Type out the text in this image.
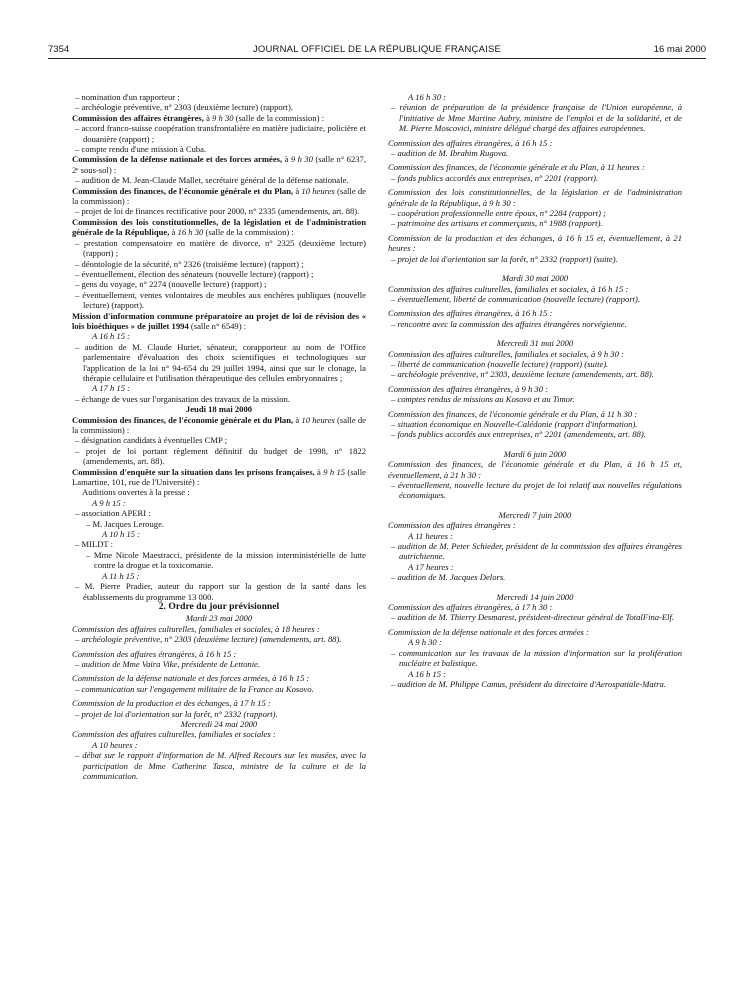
7354	JOURNAL OFFICIEL DE LA RÉPUBLIQUE FRANÇAISE	16 mai 2000

– nomination d'un rapporteur ;

– archéologie préventive, n° 2303 (deuxième lecture) (rapport).

Commission des affaires étrangères, à 9 h 30 (salle de la commission) :

– accord franco-suisse coopération transfrontalière en matière judiciaire, policière et douanière (rapport) ;

– compte rendu d'une mission à Cuba.

Commission de la défense nationale et des forces armées, à 9 h 30 (salle n° 6237, 2ᵉ sous-sol) :

– audition de M. Jean-Claude Mallet, secrétaire général de la défense nationale.

Commission des finances, de l'économie générale et du Plan, à 10 heures (salle de la commission) :

– projet de loi de finances rectificative pour 2000, n° 2335 (amendements, art. 88).

Commission des lois constitutionnelles, de la législation et de l'administration générale de la République, à 16 h 30 (salle de la commission) :

– prestation compensatoire en matière de divorce, n° 2325 (deuxième lecture) (rapport) ;

– déontologie de la sécurité, n° 2326 (troisième lecture) (rapport) ;

– éventuellement, élection des sénateurs (nouvelle lecture) (rapport) ;

– gens du voyage, n° 2274 (nouvelle lecture) (rapport) ;

– éventuellement, ventes volontaires de meubles aux enchères publiques (nouvelle lecture) (rapport).

Mission d'information commune préparatoire au projet de loi de révision des « lois bioéthiques » de juillet 1994 (salle n° 6549) :

A 16 h 15 :

– audition de M. Claude Huriet, sénateur, corapporteur au nom de l'Office parlementaire d'évaluation des choix scientifiques et technologiques sur l'application de la loi n° 94-654 du 29 juillet 1994, ainsi que sur le clonage, la thérapie cellulaire et l'utilisation thérapeutique des cellules embryonnaires ;

A 17 h 15 :

– échange de vues sur l'organisation des travaux de la mission.

Jeudi 18 mai 2000

Commission des finances, de l'économie générale et du Plan, à 10 heures (salle de la commission) :

– désignation candidats à éventuelles CMP ;

– projet de loi portant règlement définitif du budget de 1998, n° 1822 (amendements, art. 88).

Commission d'enquête sur la situation dans les prisons françaises, à 9 h 15 (salle Lamartine, 101, rue de l'Université) :

Auditions ouvertes à la presse :

A 9 h 15 :

– association APERI :

– M. Jacques Lerouge.

A 10 h 15 :

– MILDT :

– Mme Nicole Maestracci, présidente de la mission interministérielle de lutte contre la drogue et la toxicomanie.

A 11 h 15 :

– M. Pierre Pradier, auteur du rapport sur la gestion de la santé dans les établissements du programme 13 000.

2. Ordre du jour prévisionnel

Mardi 23 mai 2000

Commission des affaires culturelles, familiales et sociales, à 18 heures :

– archéologie préventive, n° 2303 (deuxième lecture) (amendements, art. 88).

Commission des affaires étrangères, à 16 h 15 :

– audition de Mme Vaira Vike, présidente de Lettonie.

Commission de la défense nationale et des forces armées, à 16 h 15 :

– communication sur l'engagement militaire de la France au Kosovo.

Commission de la production et des échanges, à 17 h 15 :

– projet de loi d'orientation sur la forêt, n° 2332 (rapport).

Mercredi 24 mai 2000

Commission des affaires culturelles, familiales et sociales :

A 10 heures :

– débat sur le rapport d'information de M. Alfred Recours sur les musées, avec la participation de Mme Catherine Tasca, ministre de la culture et de la communication.

A 16 h 30 :

– réunion de préparation de la présidence française de l'Union européenne, à l'initiative de Mme Martine Aubry, ministre de l'emploi et de la solidarité, et de M. Pierre Moscovici, ministre délégué chargé des affaires européennes.

Commission des affaires étrangères, à 16 h 15 :

– audition de M. Ibrahim Rugova.

Commission des finances, de l'économie générale et du Plan, à 11 heures :

– fonds publics accordés aux entreprises, n° 2201 (rapport).

Commission des lois constitutionnelles, de la législation et de l'administration générale de la République, à 9 h 30 :

– coopération professionnelle entre époux, n° 2284 (rapport) ;

– patrimoine des artisans et commerçants, n° 1988 (rapport).

Commission de la production et des échanges, à 16 h 15 et, éventuellement, à 21 heures :

– projet de loi d'orientation sur la forêt, n° 2332 (rapport) (suite).

Mardi 30 mai 2000

Commission des affaires culturelles, familiales et sociales, à 16 h 15 :

– éventuellement, liberté de communication (nouvelle lecture) (rapport).

Commission des affaires étrangères, à 16 h 15 :

– rencontre avec la commission des affaires étrangères norvégienne.

Mercredi 31 mai 2000

Commission des affaires culturelles, familiales et sociales, à 9 h 30 :

– liberté de communication (nouvelle lecture) (rapport) (suite).

– archéologie préventive, n° 2303, deuxième lecture (amendements, art. 88).

Commission des affaires étrangères, à 9 h 30 :

– comptes rendus de missions au Kosovo et au Timor.

Commission des finances, de l'économie générale et du Plan, à 11 h 30 :

– situation économique en Nouvelle-Calédonie (rapport d'information).

– fonds publics accordés aux entreprises, n° 2201 (amendements, art. 88).

Mardi 6 juin 2000

Commission des finances, de l'économie générale et du Plan, à 16 h 15 et, éventuellement, à 21 h 30 :

– éventuellement, nouvelle lecture du projet de loi relatif aux nouvelles régulations économiques.

Mercredi 7 juin 2000

Commission des affaires étrangères :

A 11 heures :

– audition de M. Peter Schieder, président de la commission des affaires étrangères autrichienne.

A 17 heures :

– audition de M. Jacques Delors.

Mercredi 14 juin 2000

Commission des affaires étrangères, à 17 h 30 :

– audition de M. Thierry Desmarest, président-directeur général de TotalFina-Elf.

Commission de la défense nationale et des forces armées :

A 9 h 30 :

– communication sur les travaux de la mission d'information sur la prolifération nucléaire et balistique.

A 16 h 15 :

– audition de M. Philippe Camus, président du directoire d'Aerospatiale-Matra.
